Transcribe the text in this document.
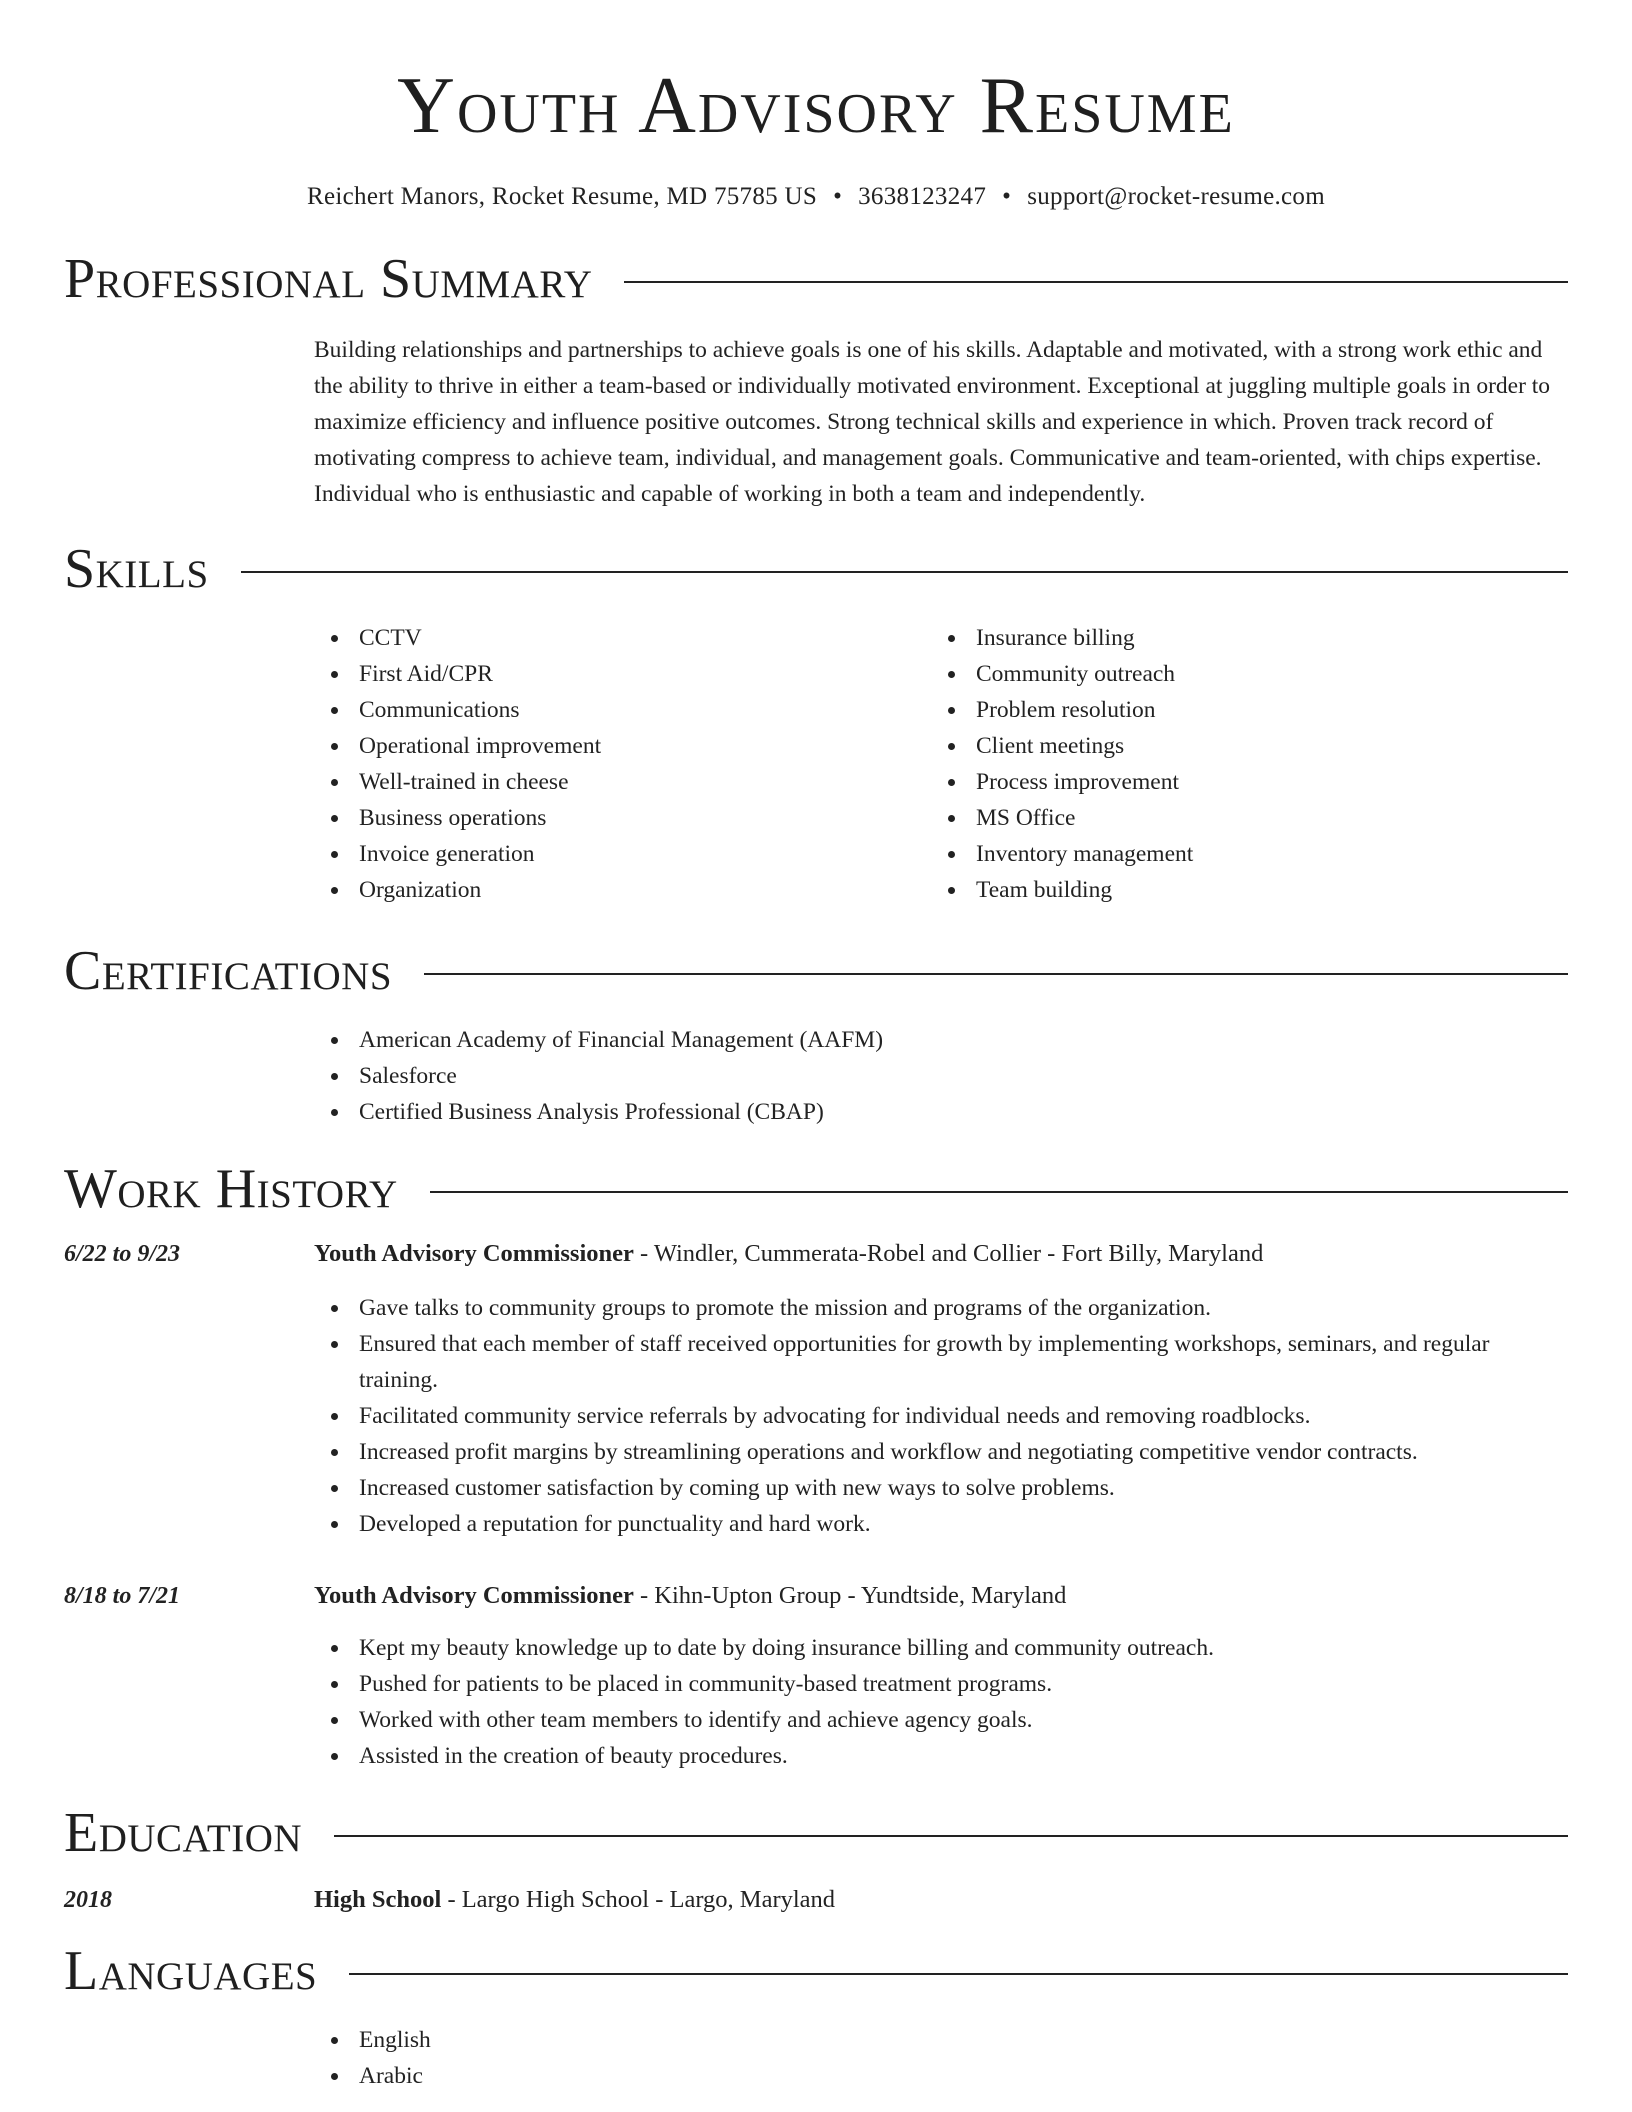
Youth Advisory Resume
Reichert Manors, Rocket Resume, MD 75785 US • 3638123247 • support@rocket-resume.com
Professional Summary
Building relationships and partnerships to achieve goals is one of his skills. Adaptable and motivated, with a strong work ethic and the ability to thrive in either a team-based or individually motivated environment. Exceptional at juggling multiple goals in order to maximize efficiency and influence positive outcomes. Strong technical skills and experience in which. Proven track record of motivating compress to achieve team, individual, and management goals. Communicative and team-oriented, with chips expertise. Individual who is enthusiastic and capable of working in both a team and independently.
Skills
CCTV
First Aid/CPR
Communications
Operational improvement
Well-trained in cheese
Business operations
Invoice generation
Organization
Insurance billing
Community outreach
Problem resolution
Client meetings
Process improvement
MS Office
Inventory management
Team building
Certifications
American Academy of Financial Management (AAFM)
Salesforce
Certified Business Analysis Professional (CBAP)
Work History
6/22 to 9/23	Youth Advisory Commissioner - Windler, Cummerata-Robel and Collier - Fort Billy, Maryland
Gave talks to community groups to promote the mission and programs of the organization.
Ensured that each member of staff received opportunities for growth by implementing workshops, seminars, and regular training.
Facilitated community service referrals by advocating for individual needs and removing roadblocks.
Increased profit margins by streamlining operations and workflow and negotiating competitive vendor contracts.
Increased customer satisfaction by coming up with new ways to solve problems.
Developed a reputation for punctuality and hard work.
8/18 to 7/21	Youth Advisory Commissioner - Kihn-Upton Group - Yundtside, Maryland
Kept my beauty knowledge up to date by doing insurance billing and community outreach.
Pushed for patients to be placed in community-based treatment programs.
Worked with other team members to identify and achieve agency goals.
Assisted in the creation of beauty procedures.
Education
2018	High School - Largo High School - Largo, Maryland
Languages
English
Arabic
